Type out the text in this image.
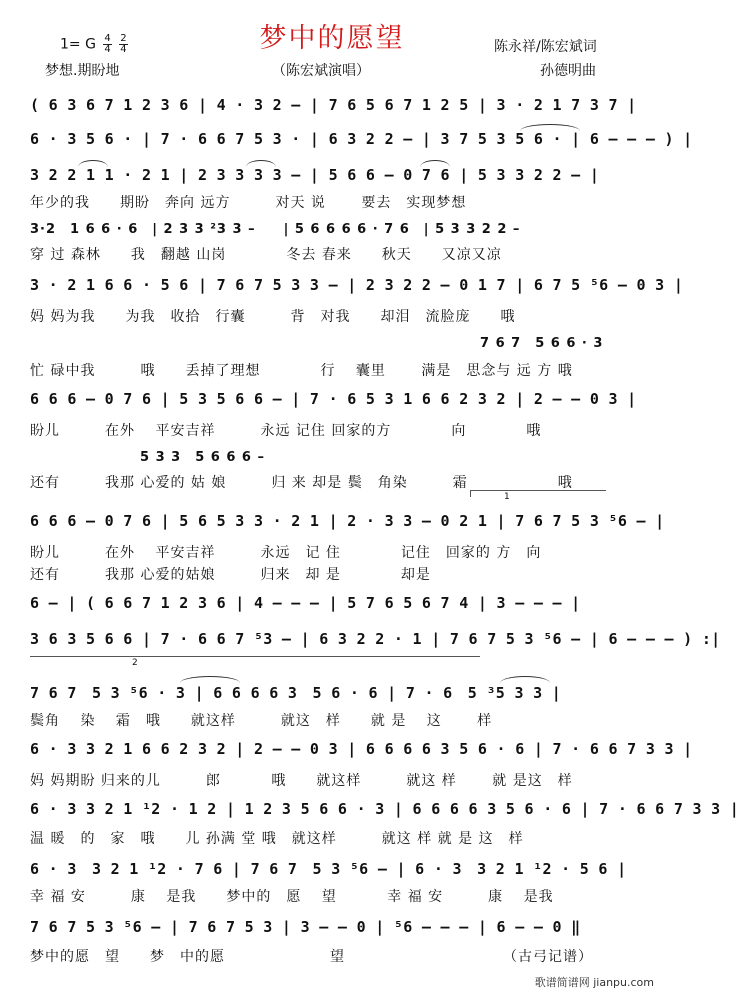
梦中的愿望
1= G $\frac{4}{4} \frac{2}{4}$	陈永祥/陈宏斌词
梦想.期盼地	（陈宏斌演唱）	孙德明曲
( 6 3 6 7 1 2 3 6 | 4 · 3 2 – | 7 6 5 6 7 1 2 5 | 3 · 2 1 7 3 7 |
6 · 3 5 6 · | 7 · 6 6 7 5 3 · | 6 3 2 2 – | 3 7 5 3 5 6 · | 6 – – – ) |
3 2 2 1 1 · 2 1 | 2 3 3 3 3 – | 5 6 6 – 0 7 6 | 5 3 3 2 2 – |
年少的我　　期盼　奔向 远方　　　对天 说　　 要去　实现梦想
3·2　1 6 6 · 6　| 2 3 3 ²3 3 –　　| 5 6 6 6 6 · 7 6　| 5 3 3 2 2 –
穿 过 森林　　我　翻越 山岗　　　　冬去 春来　　秋天　　又凉又凉
3 · 2 1 6 6 · 5 6 | 7 6 7 5 3 3 – | 2 3 2 2 – 0 1 7 | 6 7 5 ⁵6 – 0 3 |
妈 妈为我　　为我　收拾　行囊　　　背　对我　　却泪　流脸庞　　哦
7 6 7　5 6 6 · 3
忙 碌中我　　　哦　　丢掉了理想　　　　行　 囊里　　 满是　思念与 远 方 哦
6 6 6 – 0 7 6 | 5 3 5 6 6 – | 7 · 6 5 3 1 6 6 2 3 2 | 2 – – 0 3 |
盼儿　　　在外　 平安吉祥　　　永远 记住 回家的方　　　　向　　　　哦
5 3 3　5 6 6 6 –
还有　　　我那 心爱的 姑 娘　　　归 来 却是 鬓　角染　　　霜　　　　　　哦
1
6 6 6 – 0 7 6 | 5 6 5 3 3 · 2 1 | 2 · 3 3 – 0 2 1 | 7 6 7 5 3 ⁵6 – |
盼儿　　　在外　 平安吉祥　　　永远　记 住　　　　记住　回家的 方　向
还有　　　我那 心爱的姑娘　　　归来　却 是　　　　却是
6 – | ( 6 6 7 1 2 3 6 | 4 – – – | 5 7 6 5 6 7 4 | 3 – – – |
3 6 3 5 6 6 | 7 · 6 6 7 ⁵3 – | 6 3 2 2 · 1 | 7 6 7 5 3 ⁵6 – | 6 – – – ) :|
2
7 6 7　5 3 ⁵6 · 3 | 6 6 6 6 3　5 6 · 6 | 7 · 6　5 ³5 3 3 |
鬓角　 染　 霜　哦　　就这样　　　就这　样　　就 是　 这　　 样
6 · 3 3 2 1 6 6 2 3 2 | 2 – – 0 3 | 6 6 6 6 3 5 6 · 6 | 7 · 6 6 7 3 3 |
妈 妈期盼 归来的儿　　　郎　　　 哦　　就这样　　　就这 样　　 就 是这　样
6 · 3 3 2 1 ¹2 · 1 2 | 1 2 3 5 6 6 · 3 | 6 6 6 6 3 5 6 · 6 | 7 · 6 6 7 3 3 |
温 暖　的　家　哦　　儿 孙满 堂 哦　就这样　　　就这 样 就 是 这　样
6 · 3　3 2 1 ¹2 · 7 6 | 7 6 7　5 3 ⁵6 – | 6 · 3　3 2 1 ¹2 · 5 6 |
幸 福 安　　　康　 是我　　梦中的　愿　 望　　　 幸 福 安　　　康　 是我
7 6 7 5 3 ⁵6 – | 7 6 7 5 3 | 3 – – 0 | ⁵6 – – – | 6 – – 0 ‖
梦中的愿　望　　梦　中的愿　　　　　　　望　　　　　　　　　　　（古弓记谱）
歌谱简谱网 jianpu.com
